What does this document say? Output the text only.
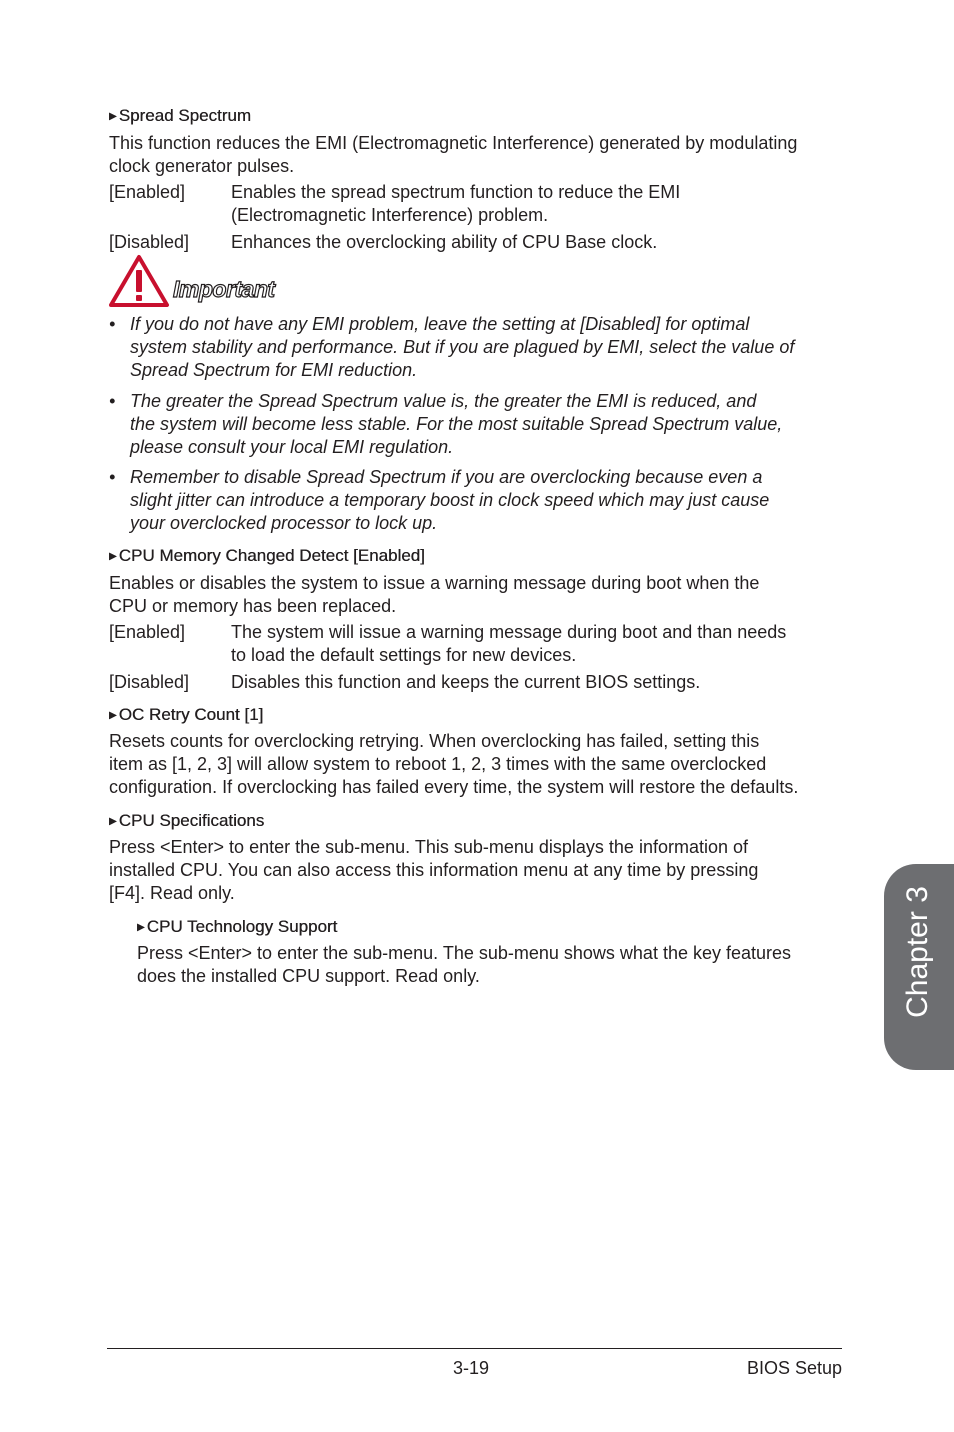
▶ Spread Spectrum

This function reduces the EMI (Electromagnetic Interference) generated by modulating
clock generator pulses.

[Enabled]	Enables the spread spectrum function to reduce the EMI
(Electromagnetic Interference) problem.

[Disabled] Enhances the overclocking ability of CPU Base clock.

Important
• If you do not have any EMI problem, leave the setting at [Disabled] for optimal
system stability and performance. But if you are plagued by EMI, select the value of
Spread Spectrum for EMI reduction.

• The greater the Spread Spectrum value is, the greater the EMI is reduced, and
the system will become less stable. For the most suitable Spread Spectrum value,
please consult your local EMI regulation.

• Remember to disable Spread Spectrum if you are overclocking because even a
slight jitter can introduce a temporary boost in clock speed which may just cause
your overclocked processor to lock up.

▶ CPU Memory Changed Detect [Enabled]

Enables or disables the system to issue a warning message during boot when the
CPU or memory has been replaced.

[Enabled]	The system will issue a warning message during boot and than needs
to load the default settings for new devices.

[Disabled] Disables this function and keeps the current BIOS settings.

▶ OC Retry Count [1]

Resets counts for overclocking retrying. When overclocking has failed, setting this
item as [1, 2, 3] will allow system to reboot 1, 2, 3 times with the same overclocked
configuration. If overclocking has failed every time, the system will restore the defaults.

▶ CPU Specifications

Press <Enter> to enter the sub-menu. This sub-menu displays the information of
installed CPU. You can also access this information menu at any time by pressing
[F4]. Read only.

▶ CPU Technology Support

Press <Enter> to enter the sub-menu. The sub-menu shows what the key features
does the installed CPU support. Read only.	Chapter 3
3-19	BIOS Setup
